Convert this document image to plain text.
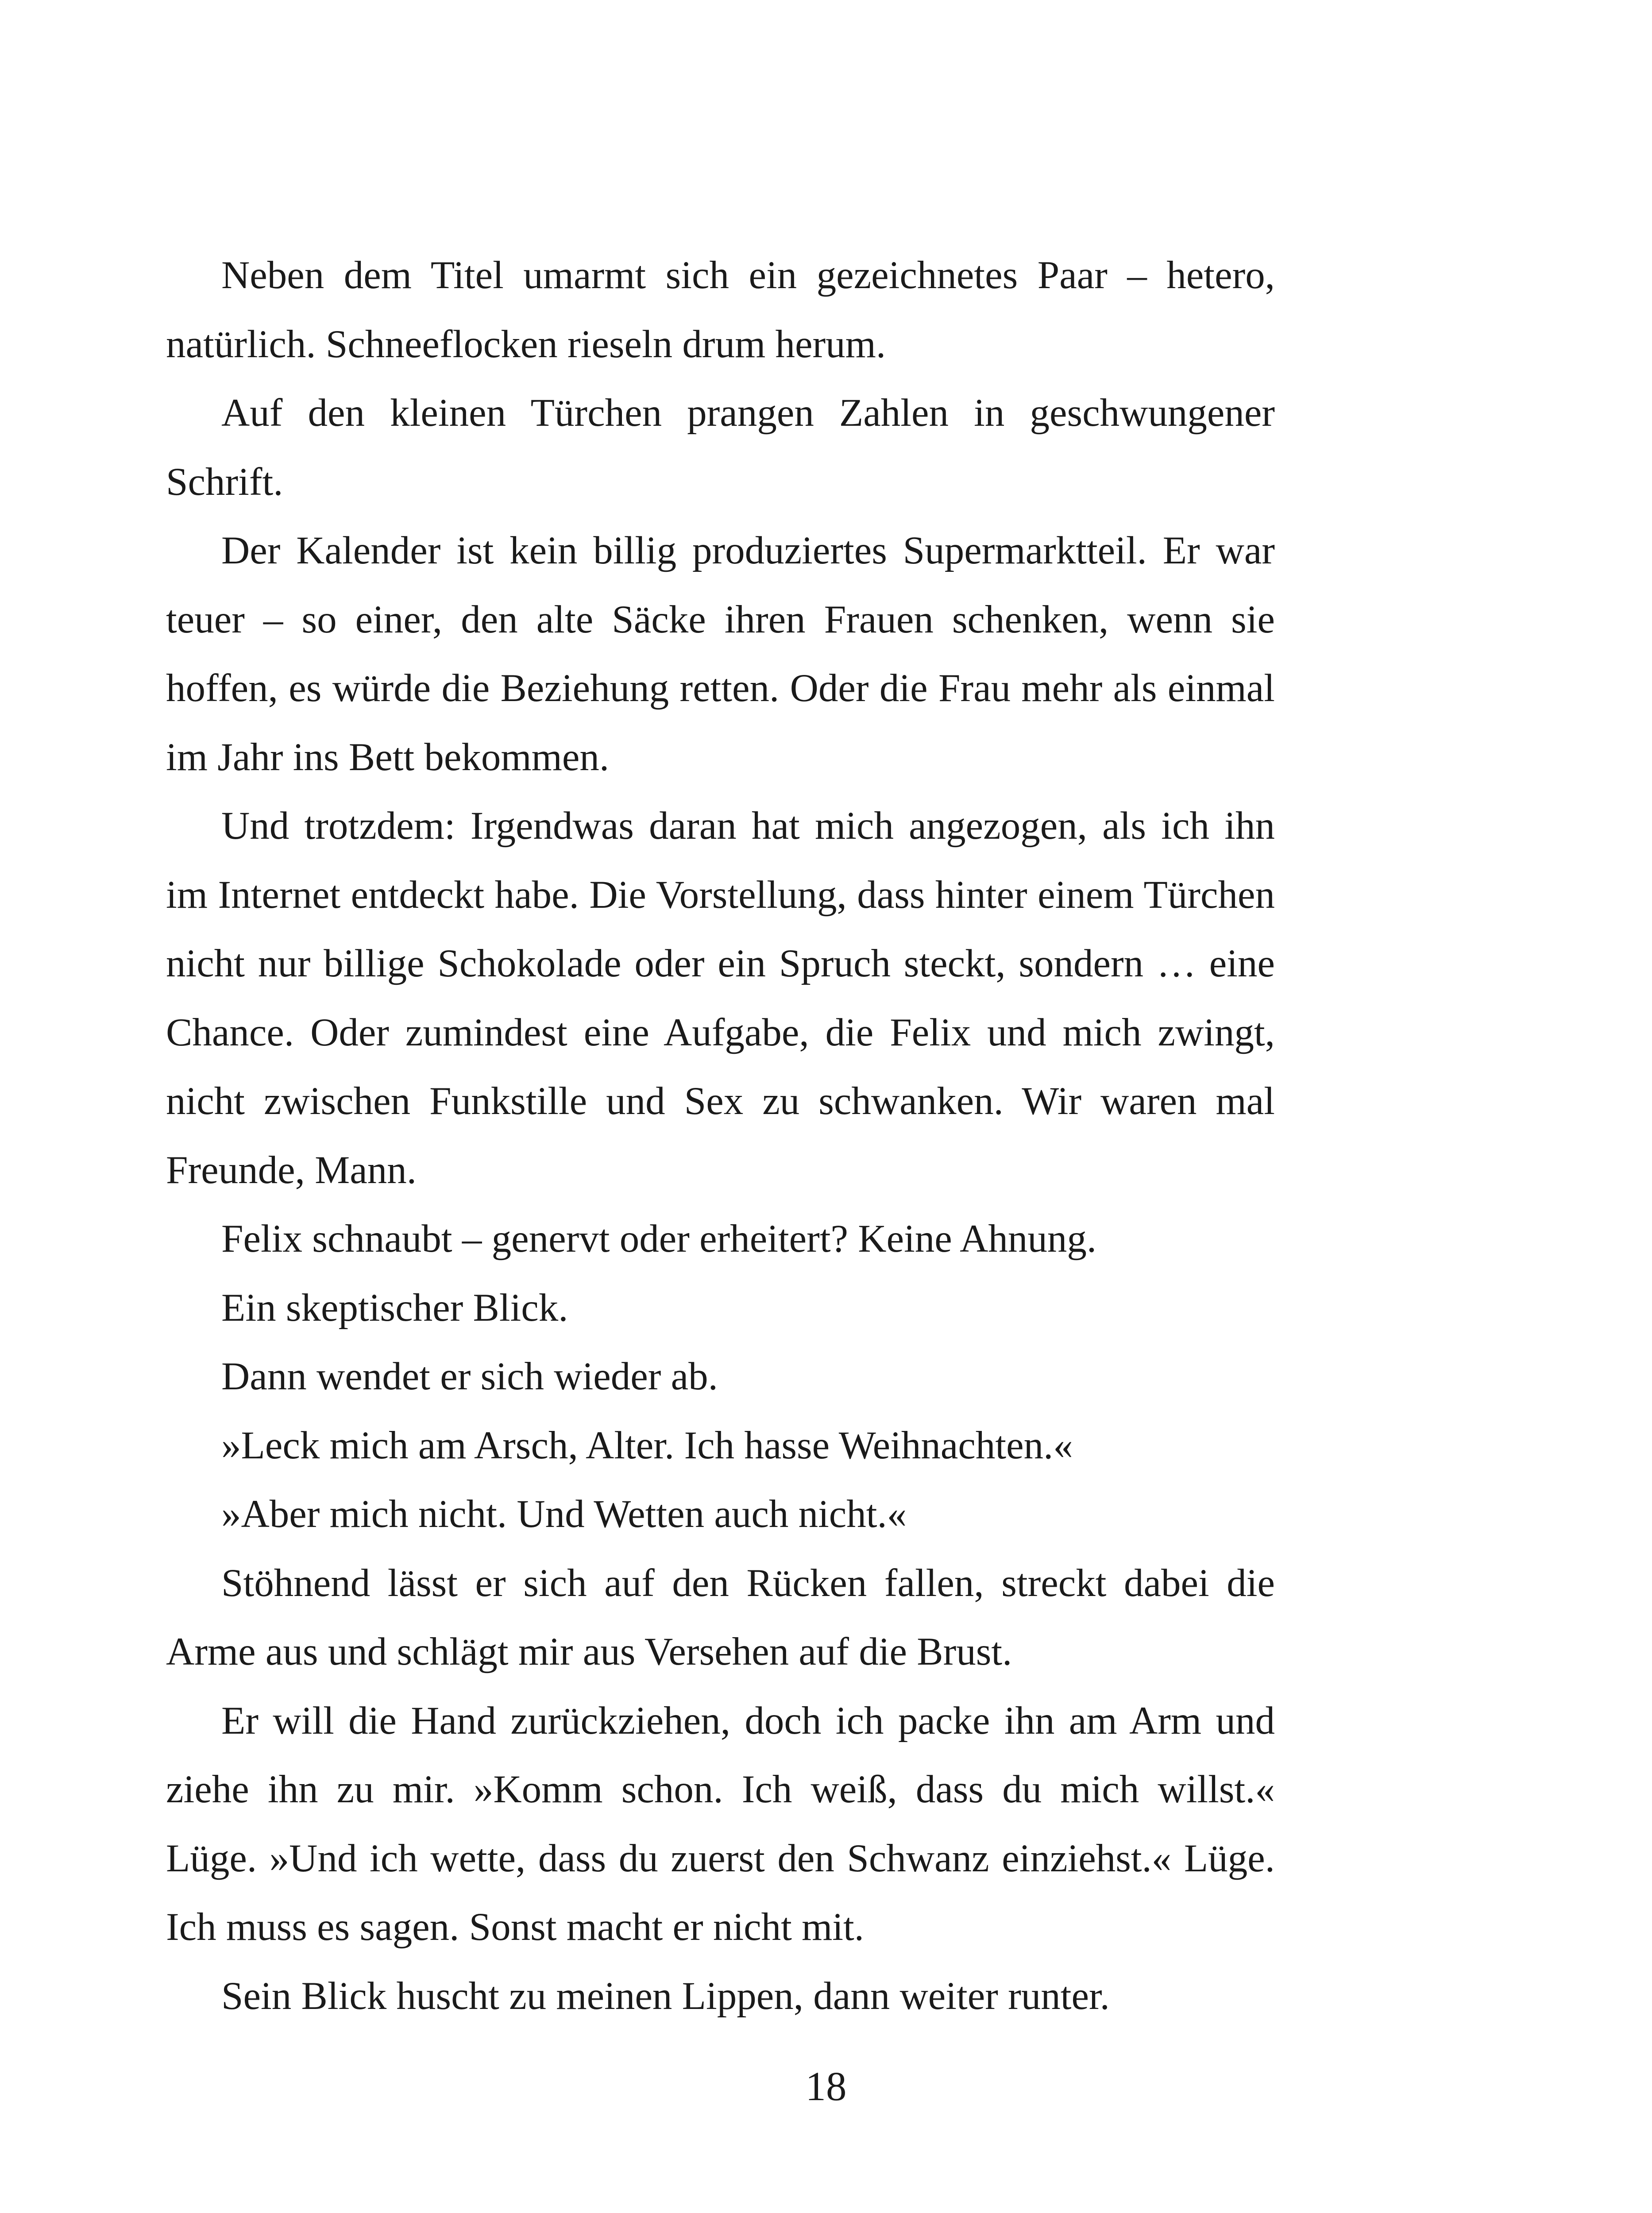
Neben dem Titel umarmt sich ein gezeichnetes Paar – hetero, natürlich. Schneeflocken rieseln drum herum.

Auf den kleinen Türchen prangen Zahlen in geschwungener Schrift.

Der Kalender ist kein billig produziertes Supermarktteil. Er war teuer – so einer, den alte Säcke ihren Frauen schenken, wenn sie hoffen, es würde die Beziehung retten. Oder die Frau mehr als einmal im Jahr ins Bett bekommen.

Und trotzdem: Irgendwas daran hat mich angezogen, als ich ihn im Internet entdeckt habe. Die Vorstellung, dass hinter einem Türchen nicht nur billige Schokolade oder ein Spruch steckt, sondern … eine Chance. Oder zumindest eine Aufgabe, die Felix und mich zwingt, nicht zwischen Funkstille und Sex zu schwanken. Wir waren mal Freunde, Mann.

Felix schnaubt – genervt oder erheitert? Keine Ahnung.

Ein skeptischer Blick.

Dann wendet er sich wieder ab.

»Leck mich am Arsch, Alter. Ich hasse Weihnachten.«

»Aber mich nicht. Und Wetten auch nicht.«

Stöhnend lässt er sich auf den Rücken fallen, streckt dabei die Arme aus und schlägt mir aus Versehen auf die Brust.

Er will die Hand zurückziehen, doch ich packe ihn am Arm und ziehe ihn zu mir. »Komm schon. Ich weiß, dass du mich willst.« Lüge. »Und ich wette, dass du zuerst den Schwanz einziehst.« Lüge. Ich muss es sagen. Sonst macht er nicht mit.

Sein Blick huscht zu meinen Lippen, dann weiter runter.

18
